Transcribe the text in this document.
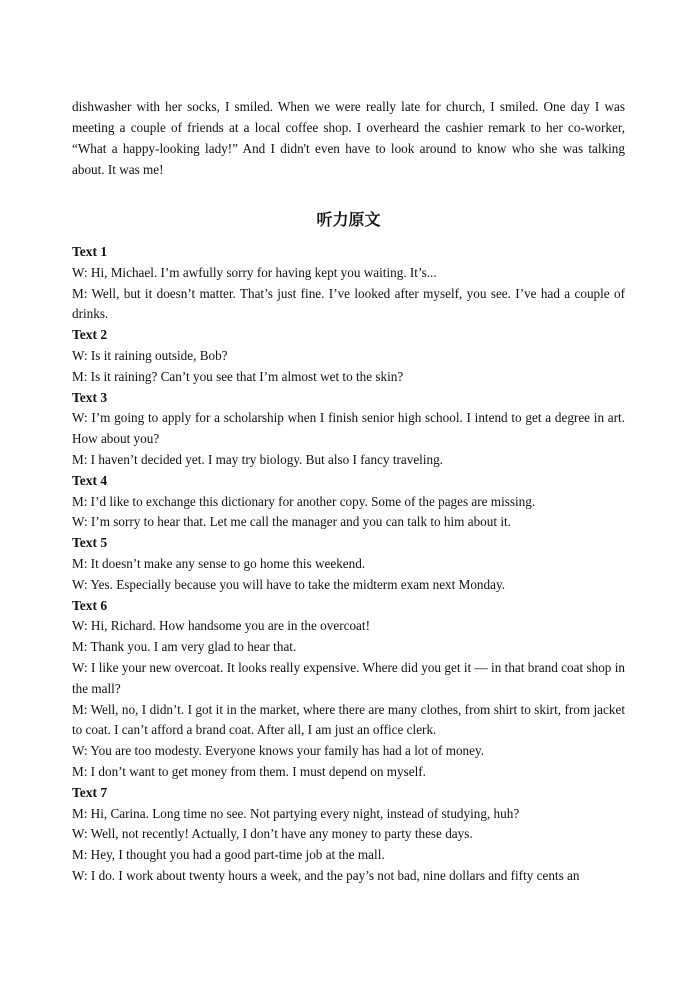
dishwasher with her socks, I smiled. When we were really late for church, I smiled. One day I was meeting a couple of friends at a local coffee shop. I overheard the cashier remark to her co-worker, “What a happy-looking lady!” And I didn't even have to look around to know who she was talking about. It was me!

听力原文

Text 1

W: Hi, Michael. I’m awfully sorry for having kept you waiting. It’s...

M: Well, but it doesn’t matter. That’s just fine. I’ve looked after myself, you see. I’ve had a couple of drinks.

Text 2

W: Is it raining outside, Bob?

M: Is it raining? Can’t you see that I’m almost wet to the skin?

Text 3

W: I’m going to apply for a scholarship when I finish senior high school. I intend to get a degree in art. How about you?

M: I haven’t decided yet. I may try biology. But also I fancy traveling.

Text 4

M: I’d like to exchange this dictionary for another copy. Some of the pages are missing.

W: I’m sorry to hear that. Let me call the manager and you can talk to him about it.

Text 5

M: It doesn’t make any sense to go home this weekend.

W: Yes. Especially because you will have to take the midterm exam next Monday.

Text 6

W: Hi, Richard. How handsome you are in the overcoat!

M: Thank you. I am very glad to hear that.

W: I like your new overcoat. It looks really expensive. Where did you get it — in that brand coat shop in the mall?

M: Well, no, I didn’t. I got it in the market, where there are many clothes, from shirt to skirt, from jacket to coat. I can’t afford a brand coat. After all, I am just an office clerk.

W: You are too modesty. Everyone knows your family has had a lot of money.

M: I don’t want to get money from them. I must depend on myself.

Text 7

M: Hi, Carina. Long time no see. Not partying every night, instead of studying, huh?

W: Well, not recently! Actually, I don’t have any money to party these days.

M: Hey, I thought you had a good part-time job at the mall.

W: I do. I work about twenty hours a week, and the pay’s not bad, nine dollars and fifty cents an
